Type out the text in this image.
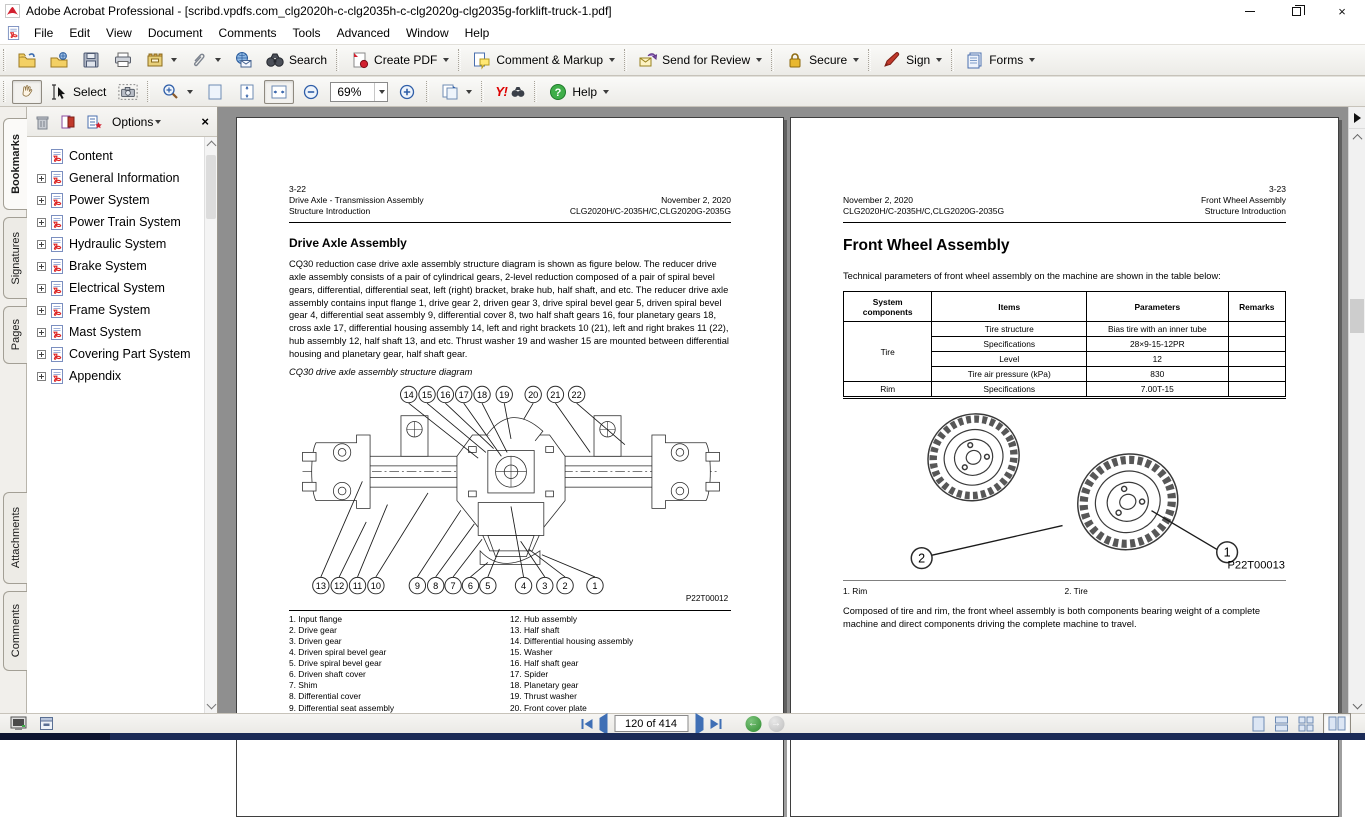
Adobe Acrobat Professional - [scribd.vpdfs.com_clg2020h-c-clg2035h-c-clg2020g-clg2035g-forklift-truck-1.pdf]	×
File	Edit	View	Document	Comments	Tools	Advanced	Window	Help
Search	Create PDF	Comment & Markup	Send for Review	Secure	Sign	Forms
Select	69%	Y!	? Help
Bookmarks
Signatures
Pages
Attachments
Comments
Options	×
Content
General Information
Power System
Power Train System
Hydraulic System
Brake System
Electrical System
Frame System
Mast System
Covering Part System
Appendix
3-22
Drive Axle - Transmission Assembly
Structure Introduction
November 2, 2020
CLG2020H/C-2035H/C,CLG2020G-2035G
Drive Axle Assembly

CQ30 reduction case drive axle assembly structure diagram is shown as figure below. The reducer drive axle assembly consists of a pair of cylindrical gears, 2-level reduction composed of a pair of spiral bevel gears, differential, differential seat, left (right) bracket, brake hub, half shaft, and etc. The reducer drive axle assembly contains input flange 1, drive gear 2, driven gear 3, drive spiral bevel gear 5, driven spiral bevel gear 4, differential seat assembly 9, differential cover 8, two half shaft gears 16, four planetary gears 18, cross axle 17, differential housing assembly 14, left and right brackets 10 (21), left and right brakes 11 (22), hub assembly 12, half shaft 13, and etc. Thrust washer 19 and washer 15 are mounted between differential housing and planetary gear, half shaft gear.

CQ30 drive axle assembly structure diagram
14 15 16 17 18 19 20 21 22
13 12 11 10	9 8 7 6 5	4 3 2	1
P22T00012
1. Input flange
2. Drive gear
3. Driven gear
4. Driven spiral bevel gear
5. Drive spiral bevel gear
6. Driven shaft cover
7. Shim
8. Differential cover
9. Differential seat assembly
12. Hub assembly
13. Half shaft
14. Differential housing assembly
15. Washer
16. Half shaft gear
17. Spider
18. Planetary gear
19. Thrust washer
20. Front cover plate
November 2, 2020
CLG2020H/C-2035H/C,CLG2020G-2035G
3-23
Front Wheel Assembly
Structure Introduction
Front Wheel Assembly

Technical parameters of front wheel assembly on the machine are shown in the table below:

System components	Items	Parameters	Remarks
Tire	Tire structure	Bias tire with an inner tube	
	Specifications	28×9-15-12PR	
	Level	12	
	Tire air pressure (kPa)	830	
Rim	Specifications	7.00T-15	
2	1
P22T00013
1. Rim	2. Tire

Composed of tire and rim, the front wheel assembly is both components bearing weight of a complete machine and direct components driving the complete machine to travel.

120 of 414
←	→
